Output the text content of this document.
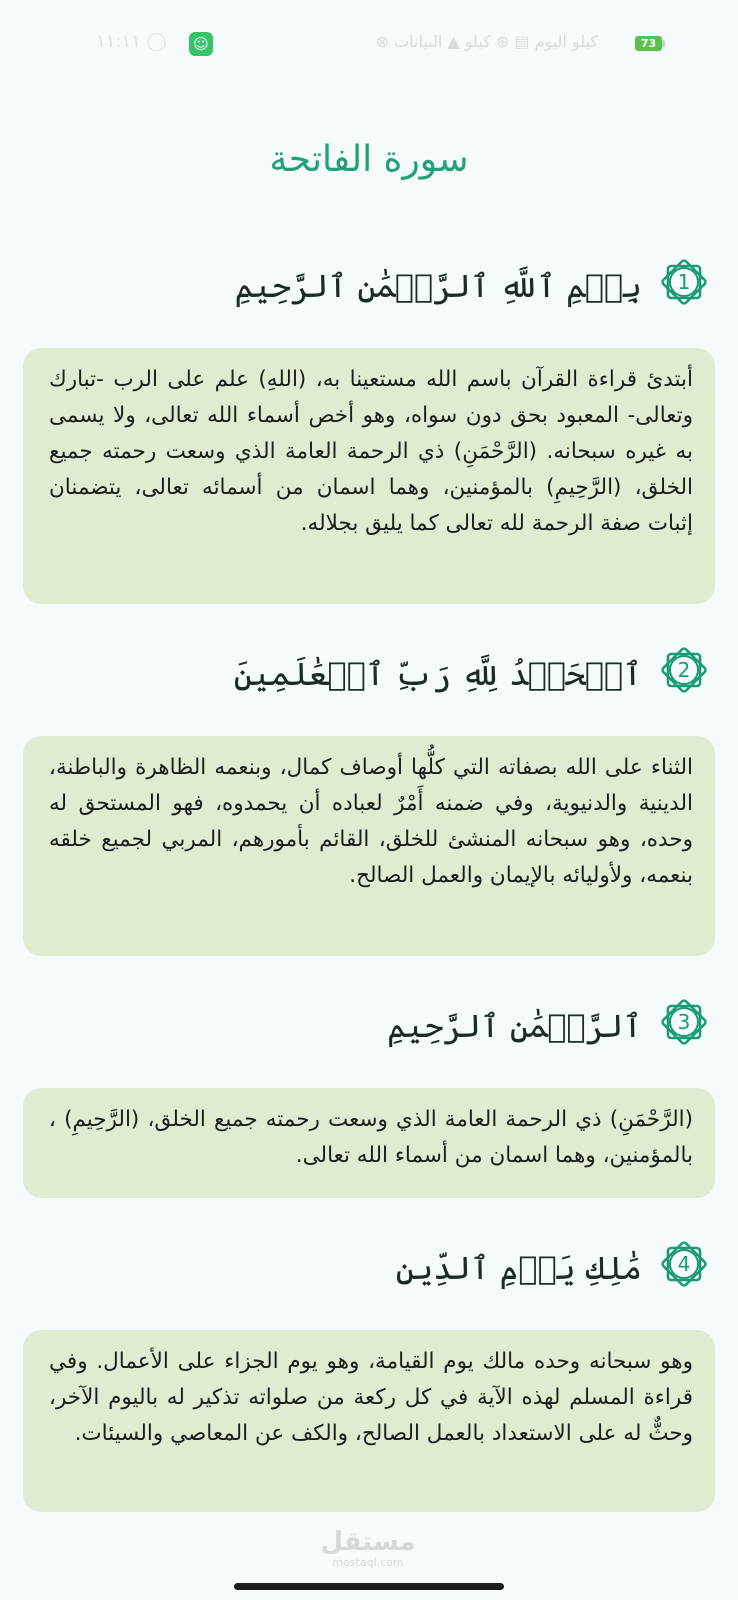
١١:١١ ◯	☺	كيلو اليوم ▤ ⊕ كيلو ▲ البيانات ⊗	73
سورة الفاتحة
1
بِسۡمِ ٱللَّهِ ٱلرَّحۡمَٰنِ ٱلرَّحِيمِ
أبتدئ قراءة القرآن باسم الله مستعينا به، (اللهِ) علم على الرب -تبارك وتعالى- المعبود بحق دون سواه، وهو أخص أسماء الله تعالى، ولا يسمى به غيره سبحانه. (الرَّحْمَنِ) ذي الرحمة العامة الذي وسعت رحمته جميع الخلق، (الرَّحِيمِ) بالمؤمنين، وهما اسمان من أسمائه تعالى، يتضمنان إثبات صفة الرحمة لله تعالى كما يليق بجلاله.
2
ٱلۡحَمۡدُ لِلَّهِ رَبِّ ٱلۡعَٰلَمِينَ
الثناء على الله بصفاته التي كلُّها أوصاف كمال، وبنعمه الظاهرة والباطنة، الدينية والدنيوية، وفي ضمنه أَمْرٌ لعباده أن يحمدوه، فهو المستحق له وحده، وهو سبحانه المنشئ للخلق، القائم بأمورهم، المربي لجميع خلقه بنعمه، ولأوليائه بالإيمان والعمل الصالح.
3
ٱلرَّحۡمَٰنِ ٱلرَّحِيمِ
(الرَّحْمَنِ) ذي الرحمة العامة الذي وسعت رحمته جميع الخلق، (الرَّحِيمِ) ، بالمؤمنين، وهما اسمان من أسماء الله تعالى.
4
مَٰلِكِ يَوۡمِ ٱلدِّينِ
وهو سبحانه وحده مالك يوم القيامة، وهو يوم الجزاء على الأعمال. وفي قراءة المسلم لهذه الآية في كل ركعة من صلواته تذكير له باليوم الآخر، وحثٌّ له على الاستعداد بالعمل الصالح، والكف عن المعاصي والسيئات.
مستقل
mostaql.com
